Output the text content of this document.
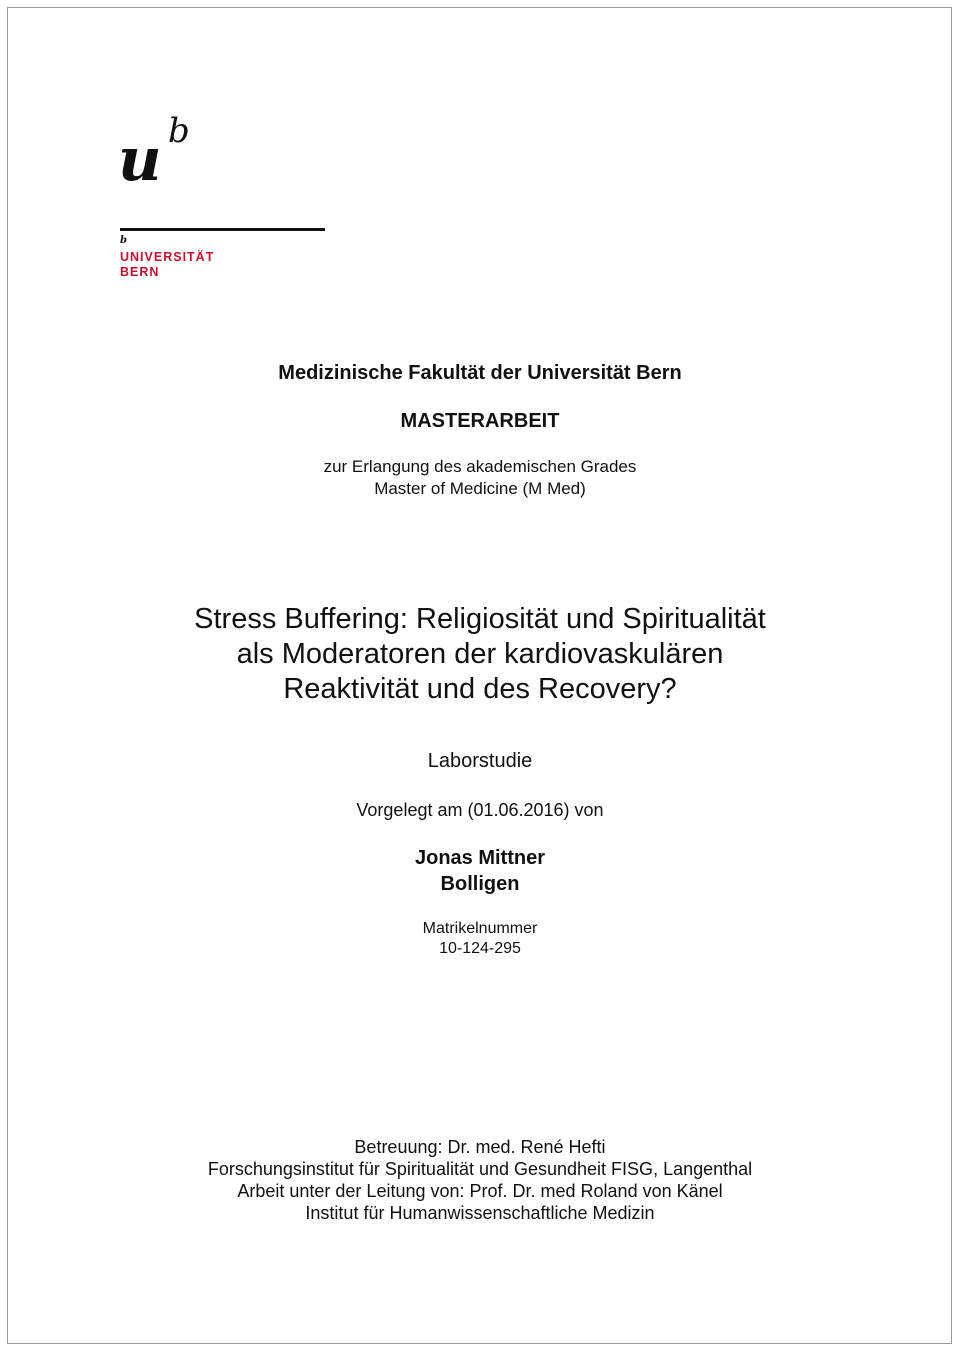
u b
b
UNIVERSITÄT
BERN
Medizinische Fakultät der Universität Bern
MASTERARBEIT
zur Erlangung des akademischen Grades
Master of Medicine (M Med)
Stress Buffering: Religiosität und Spiritualität
als Moderatoren der kardiovaskulären
Reaktivität und des Recovery?
Laborstudie
Vorgelegt am (01.06.2016) von
Jonas Mittner
Bolligen
Matrikelnummer
10-124-295
Betreuung: Dr. med. René Hefti
Forschungsinstitut für Spiritualität und Gesundheit FISG, Langenthal
Arbeit unter der Leitung von: Prof. Dr. med Roland von Känel
Institut für Humanwissenschaftliche Medizin
